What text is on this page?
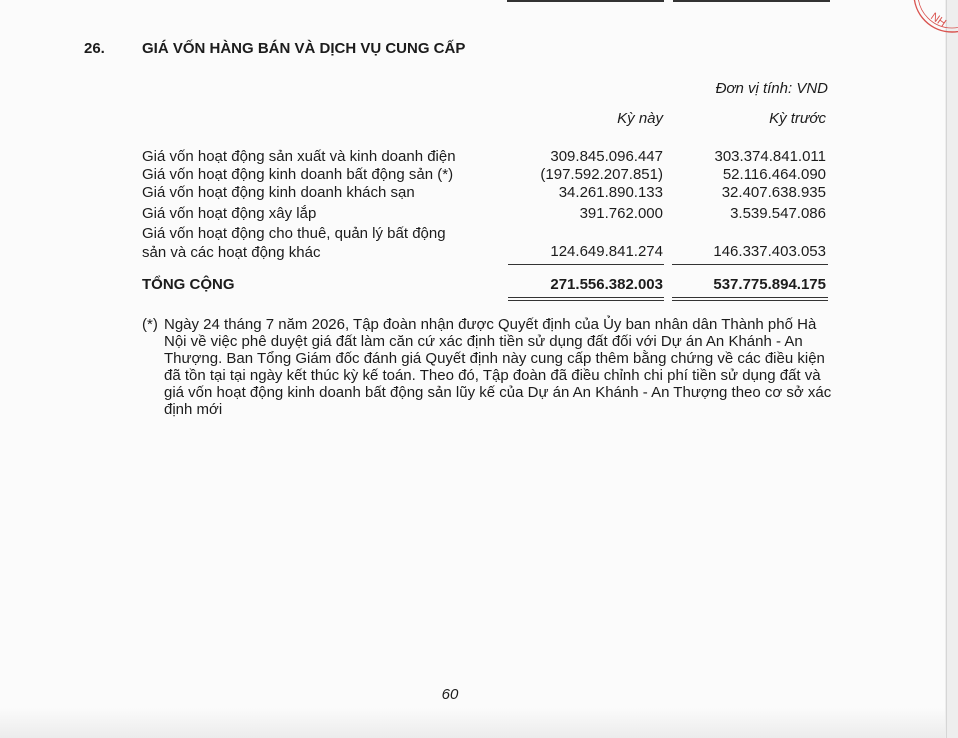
NH
26. GIÁ VỐN HÀNG BÁN VÀ DỊCH VỤ CUNG CẤP
Đơn vị tính: VND
Kỳ này	Kỳ trước
Giá vốn hoạt động sản xuất và kinh doanh điện	309.845.096.447	303.374.841.011
Giá vốn hoạt động kinh doanh bất động sản (*)	(197.592.207.851)	52.116.464.090
Giá vốn hoạt động kinh doanh khách sạn	34.261.890.133	32.407.638.935
Giá vốn hoạt động xây lắp	391.762.000	3.539.547.086
Giá vốn hoạt động cho thuê, quản lý bất động
sản và các hoạt động khác	124.649.841.274	146.337.403.053
TỔNG CỘNG	271.556.382.003	537.775.894.175
(*) Ngày 24 tháng 7 năm 2026, Tập đoàn nhận được Quyết định của Ủy ban nhân dân Thành phố Hà Nội về việc phê duyệt giá đất làm căn cứ xác định tiền sử dụng đất đối với Dự án An Khánh - An Thượng. Ban Tổng Giám đốc đánh giá Quyết định này cung cấp thêm bằng chứng về các điều kiện đã tồn tại tại ngày kết thúc kỳ kế toán. Theo đó, Tập đoàn đã điều chỉnh chi phí tiền sử dụng đất và giá vốn hoạt động kinh doanh bất động sản lũy kế của Dự án An Khánh - An Thượng theo cơ sở xác định mới
60
